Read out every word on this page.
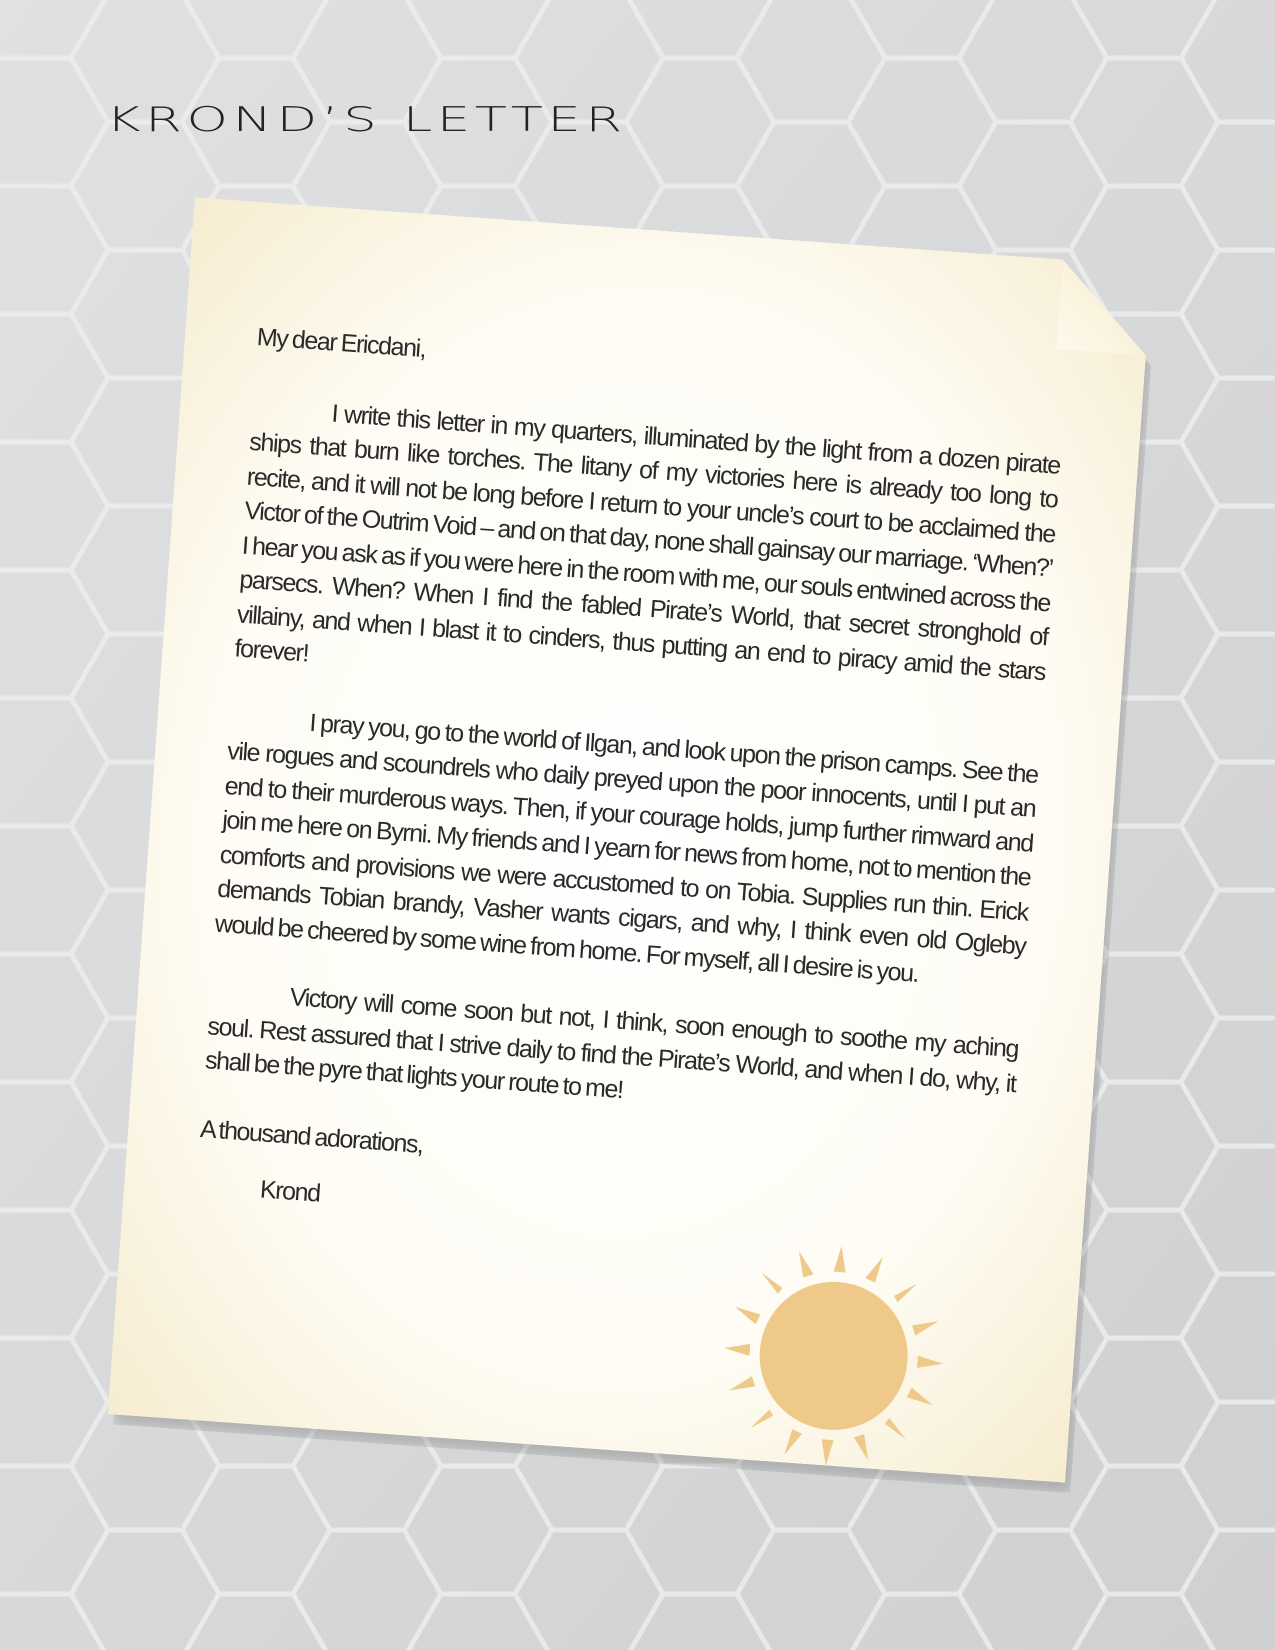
KROND’S LETTER

My dear Ericdani,

I write this letter in my quarters, illuminated by the light from a dozen pirate ships that burn like torches. The litany of my victories here is already too long to recite, and it will not be long before I return to your uncle’s court to be acclaimed the Victor of the Outrim Void – and on that day, none shall gainsay our marriage. ‘When?’ I hear you ask as if you were here in the room with me, our souls entwined across the parsecs. When? When I find the fabled Pirate’s World, that secret stronghold of villainy, and when I blast it to cinders, thus putting an end to piracy amid the stars forever!

I pray you, go to the world of Ilgan, and look upon the prison camps. See the vile rogues and scoundrels who daily preyed upon the poor innocents, until I put an end to their murderous ways. Then, if your courage holds, jump further rimward and join me here on Byrni. My friends and I yearn for news from home, not to mention the comforts and provisions we were accustomed to on Tobia. Supplies run thin. Erick demands Tobian brandy, Vasher wants cigars, and why, I think even old Ogleby would be cheered by some wine from home. For myself, all I desire is you.

Victory will come soon but not, I think, soon enough to soothe my aching soul. Rest assured that I strive daily to find the Pirate’s World, and when I do, why, it shall be the pyre that lights your route to me!

A thousand adorations,

Krond
